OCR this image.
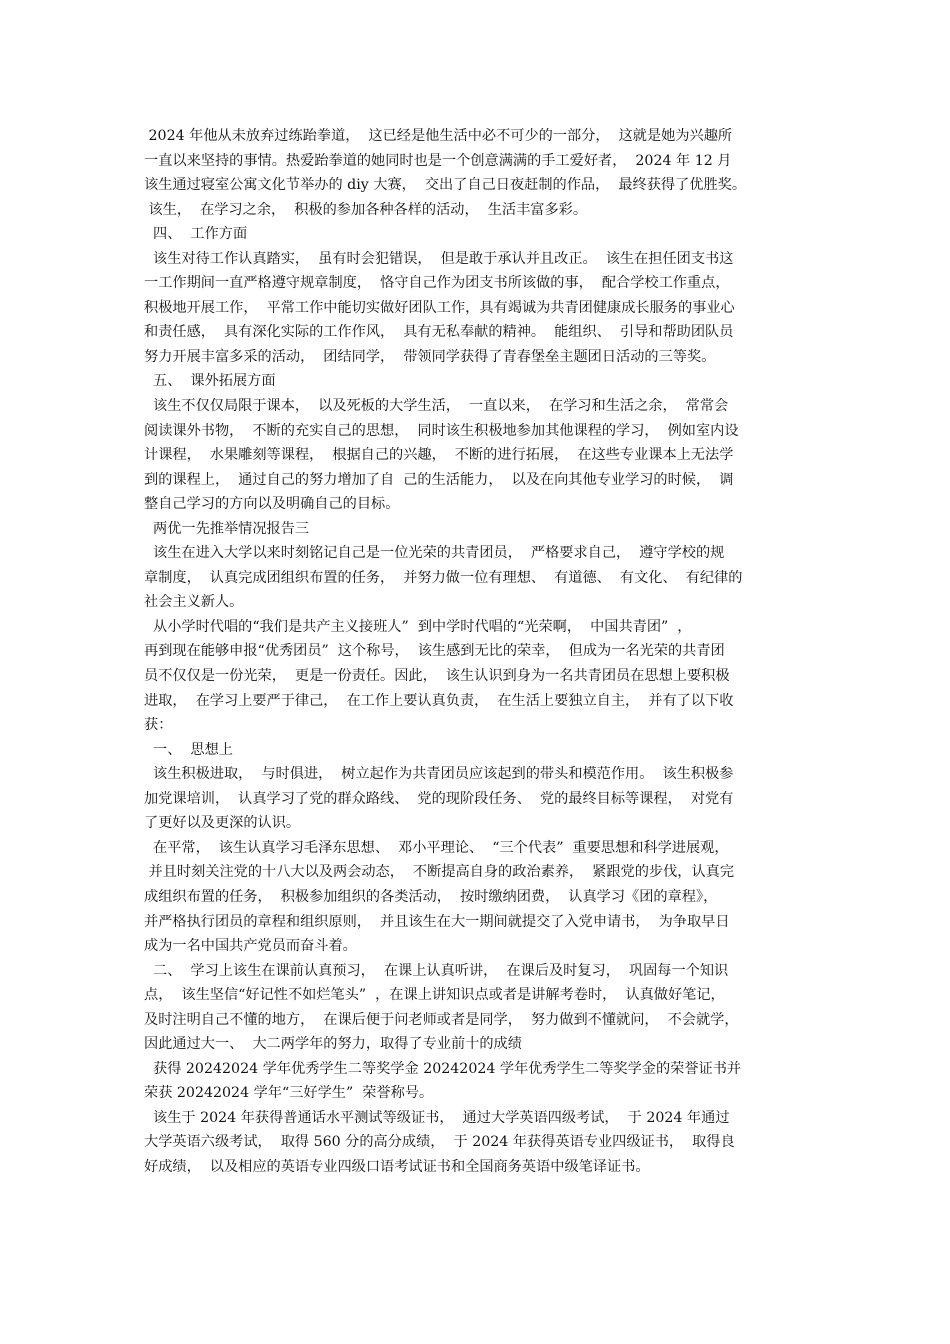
2024 年他从未放弃过练跆拳道，  这已经是他生活中必不可少的一部分，  这就是她为兴趣所
一直以来坚持的事情。热爱跆拳道的她同时也是一个创意满满的手工爱好者，  2024 年 12 月
该生通过寝室公寓文化节举办的 diy 大赛，  交出了自己日夜赶制的作品，  最终获得了优胜奖。
该生，  在学习之余，  积极的参加各种各样的活动，  生活丰富多彩。
四、  工作方面
该生对待工作认真踏实，  虽有时会犯错误，  但是敢于承认并且改正。  该生在担任团支书这
一工作期间一直严格遵守规章制度，  恪守自己作为团支书所该做的事，  配合学校工作重点，
积极地开展工作，  平常工作中能切实做好团队工作，具有竭诚为共青团健康成长服务的事业心
和责任感，  具有深化实际的工作作风，  具有无私奉献的精神。  能组织、  引导和帮助团队员
努力开展丰富多采的活动，  团结同学，  带领同学获得了青春堡垒主题团日活动的三等奖。
五、  课外拓展方面
该生不仅仅局限于课本，  以及死板的大学生活，  一直以来，  在学习和生活之余，  常常会
阅读课外书物，  不断的充实自己的思想，  同时该生积极地参加其他课程的学习，  例如室内设
计课程，  水果雕刻等课程，  根据自己的兴趣，  不断的进行拓展，  在这些专业课本上无法学
到的课程上，  通过自己的努力增加了自  己的生活能力，  以及在向其他专业学习的时候，  调
整自己学习的方向以及明确自己的目标。
两优一先推举情况报告三
该生在进入大学以来时刻铭记自己是一位光荣的共青团员，  严格要求自己，  遵守学校的规
章制度，  认真完成团组织布置的任务，  并努力做一位有理想、  有道德、  有文化、  有纪律的
社会主义新人。
从小学时代唱的“我们是共产主义接班人”  到中学时代唱的“光荣啊，  中国共青团”  ，
再到现在能够申报“优秀团员”  这个称号，  该生感到无比的荣幸，  但成为一名光荣的共青团
员不仅仅是一份光荣，  更是一份责任。因此，  该生认识到身为一名共青团员在思想上要积极
进取，  在学习上要严于律己，  在工作上要认真负责，  在生活上要独立自主，  并有了以下收
获：
一、  思想上
该生积极进取，  与时俱进，  树立起作为共青团员应该起到的带头和模范作用。  该生积极参
加党课培训，  认真学习了党的群众路线、  党的现阶段任务、  党的最终目标等课程，  对党有
了更好以及更深的认识。
在平常，  该生认真学习毛泽东思想、  邓小平理论、  “三个代表”  重要思想和科学进展观，
并且时刻关注党的十八大以及两会动态，  不断提高自身的政治素养，  紧跟党的步伐，认真完
成组织布置的任务，  积极参加组织的各类活动，  按时缴纳团费，  认真学习《团的章程》，
并严格执行团员的章程和组织原则，  并且该生在大一期间就提交了入党申请书，  为争取早日
成为一名中国共产党员而奋斗着。
二、  学习上该生在课前认真预习，  在课上认真听讲，  在课后及时复习，  巩固每一个知识
点，  该生坚信“好记性不如烂笔头”  ，在课上讲知识点或者是讲解考卷时，  认真做好笔记，
及时注明自己不懂的地方，  在课后便于问老师或者是同学，  努力做到不懂就问，  不会就学，
因此通过大一、  大二两学年的努力，取得了专业前十的成绩
获得 20242024 学年优秀学生二等奖学金 20242024 学年优秀学生二等奖学金的荣誉证书并
荣获 20242024 学年“三好学生”  荣誉称号。
该生于 2024 年获得普通话水平测试等级证书，  通过大学英语四级考试，  于 2024 年通过
大学英语六级考试，  取得 560 分的高分成绩，  于 2024 年获得英语专业四级证书，  取得良
好成绩，  以及相应的英语专业四级口语考试证书和全国商务英语中级笔译证书。
